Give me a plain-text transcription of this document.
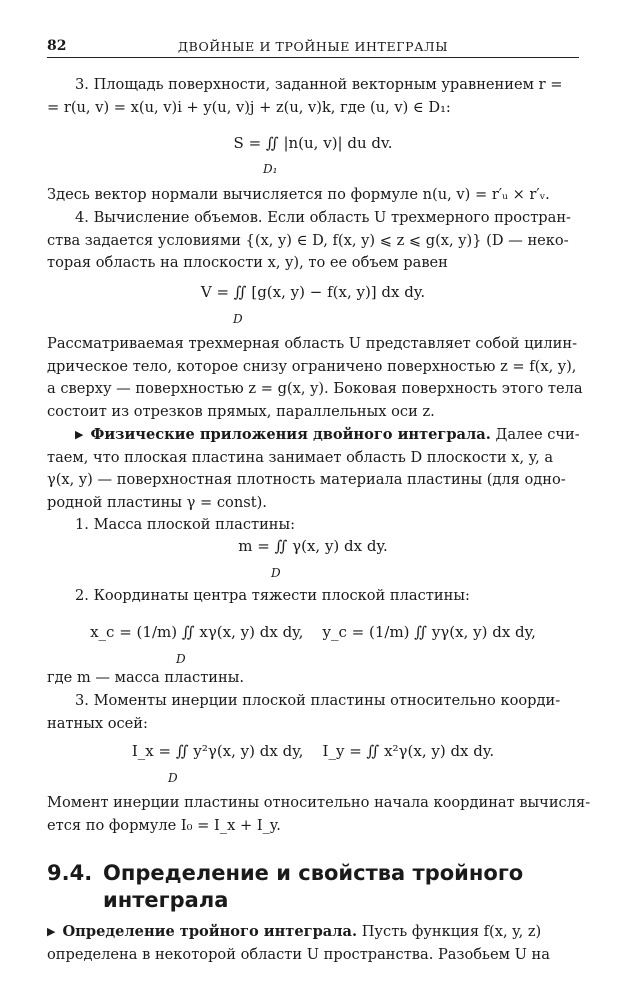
82	ДВОЙНЫЕ И ТРОЙНЫЕ ИНТЕГРАЛЫ
3. Площадь поверхности, заданной векторным уравнением r =
= r(u, v) = x(u, v)i + y(u, v)j + z(u, v)k, где (u, v) ∈ D₁:
S = ∬ |n(u, v)| du dv.
D₁
Здесь вектор нормали вычисляется по формуле n(u, v) = r′ᵤ × r′ᵥ.
4. Вычисление объемов. Если область U трехмерного простран-
ства задается условиями {(x, y) ∈ D, f(x, y) ⩽ z ⩽ g(x, y)} (D — неко-
торая область на плоскости x, y), то ее объем равен
V = ∬ [g(x, y) − f(x, y)] dx dy.
D
Рассматриваемая трехмерная область U представляет собой цилин-
дрическое тело, которое снизу ограничено поверхностью z = f(x, y),
а сверху — поверхностью z = g(x, y). Боковая поверхность этого тела
состоит из отрезков прямых, параллельных оси z.
▶ Физические приложения двойного интеграла. Далее счи-
таем, что плоская пластина занимает область D плоскости x, y, а
γ(x, y) — поверхностная плотность материала пластины (для одно-
родной пластины γ = const).
1. Масса плоской пластины:
m = ∬ γ(x, y) dx dy.
D
2. Координаты центра тяжести плоской пластины:
x_c = (1/m) ∬ xγ(x, y) dx dy, y_c = (1/m) ∬ yγ(x, y) dx dy,
D
где m — масса пластины.
3. Моменты инерции плоской пластины относительно коорди-
натных осей:
I_x = ∬ y²γ(x, y) dx dy, I_y = ∬ x²γ(x, y) dx dy.
D
Момент инерции пластины относительно начала координат вычисля-
ется по формуле I₀ = I_x + I_y.
9.4. Определение и свойства тройного
интеграла
▶ Определение тройного интеграла. Пусть функция f(x, y, z)
определена в некоторой области U пространства. Разобьем U на
